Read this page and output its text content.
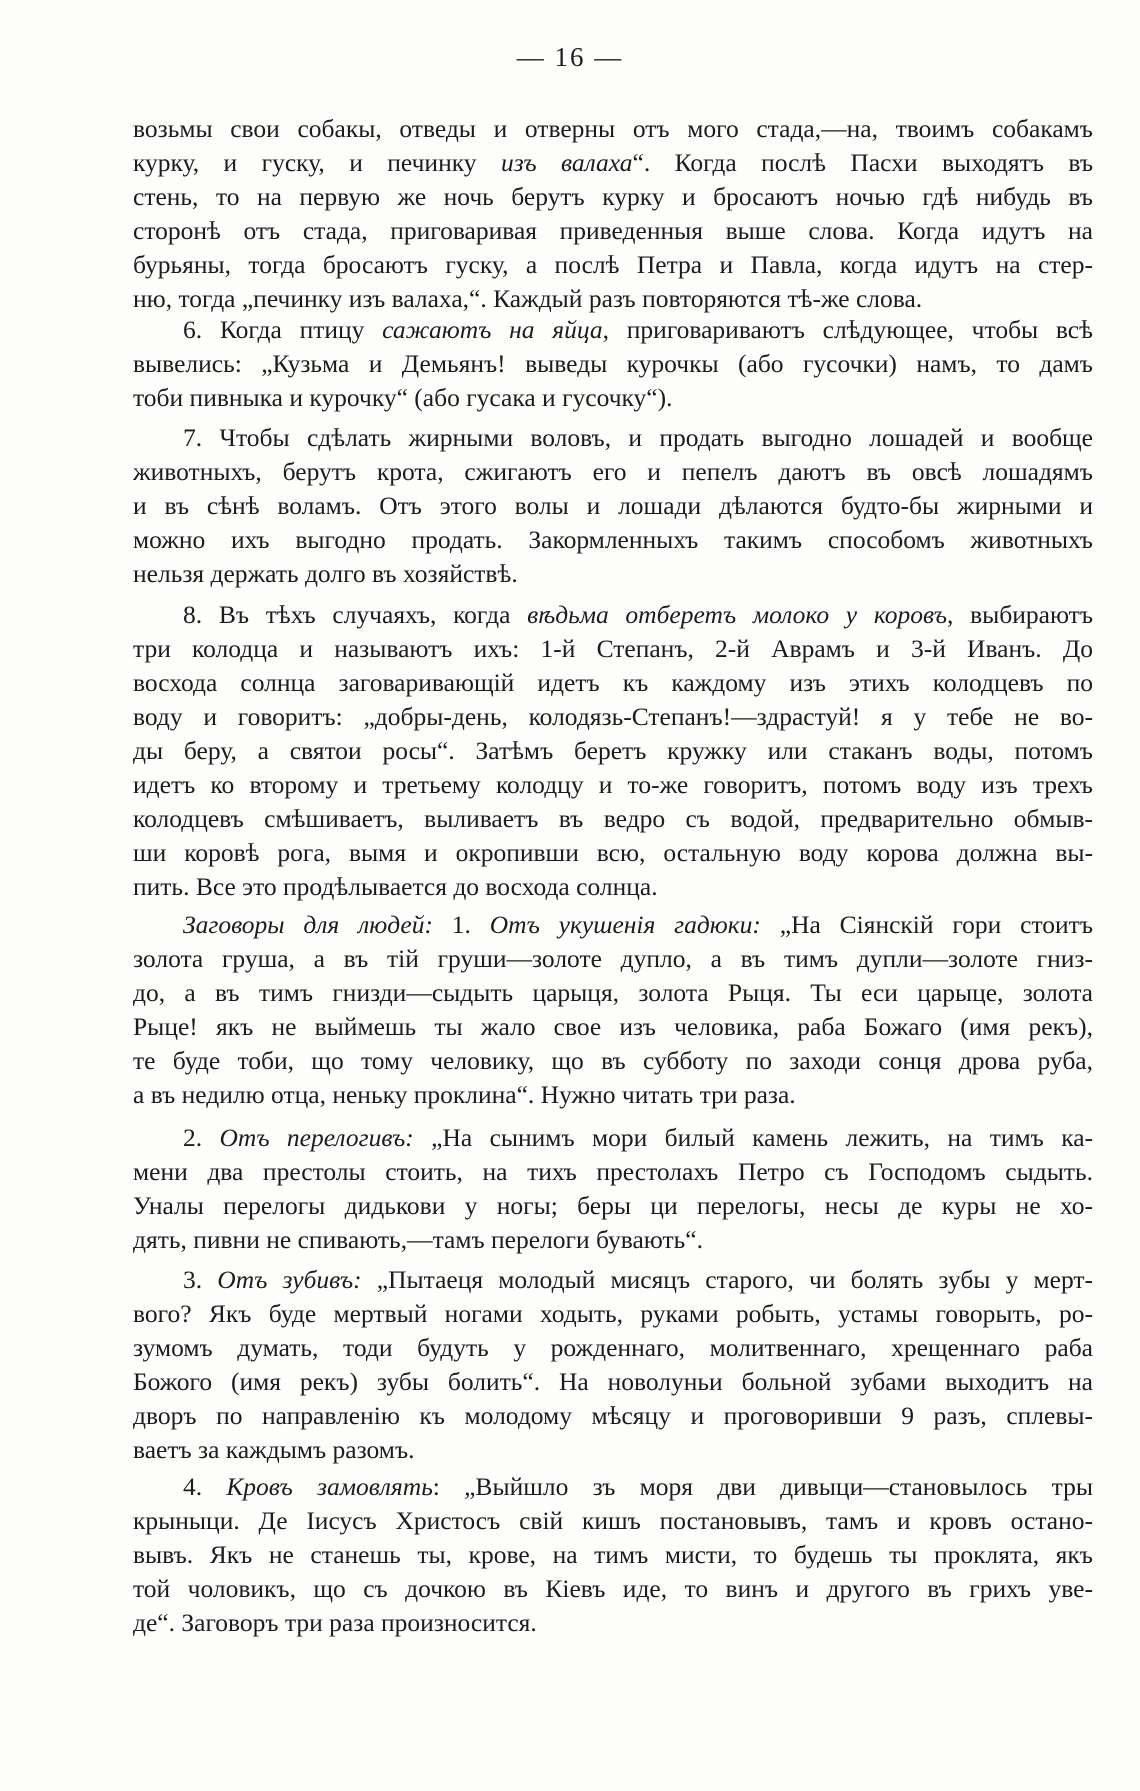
— 16 —
возьмы свои собакы, отведы и отверны отъ мого стада,—на, твоимъ собакамъ
курку, и гуску, и печинку изъ валаха“. Когда послѣ Пасхи выходятъ въ
стень, то на первую же ночь берутъ курку и бросаютъ ночью гдѣ нибудь въ
сторонѣ отъ стада, приговаривая приведенныя выше слова. Когда идутъ на
бурьяны, тогда бросаютъ гуску, а послѣ Петра и Павла, когда идутъ на стер-
ню, тогда „печинку изъ валаха,“. Каждый разъ повторяются тѣ-же слова.
6. Когда птицу сажаютъ на яйца, приговариваютъ слѣдующее, чтобы всѣ
вывелись: „Кузьма и Демьянъ! выведы курочкы (або гусочки) намъ, то дамъ
тоби пивныка и курочку“ (або гусака и гусочку“).
7. Чтобы сдѣлать жирными воловъ, и продать выгодно лошадей и вообще
животныхъ, берутъ крота, сжигаютъ его и пепелъ даютъ въ овсѣ лошадямъ
и въ сѣнѣ воламъ. Отъ этого волы и лошади дѣлаются будто-бы жирными и
можно ихъ выгодно продать. Закормленныхъ такимъ способомъ животныхъ
нельзя держать долго въ хозяйствѣ.
8. Въ тѣхъ случаяхъ, когда вѣдьма отберетъ молоко у коровъ, выбираютъ
три колодца и называютъ ихъ: 1-й Степанъ, 2-й Аврамъ и 3-й Иванъ. До
восхода солнца заговаривающій идетъ къ каждому изъ этихъ колодцевъ по
воду и говоритъ: „добры-день, колодязь-Степанъ!—здрастуй! я у тебе не во-
ды беру, а святои росы“. Затѣмъ беретъ кружку или стаканъ воды, потомъ
идетъ ко второму и третьему колодцу и то-же говоритъ, потомъ воду изъ трехъ
колодцевъ смѣшиваетъ, выливаетъ въ ведро съ водой, предварительно обмыв-
ши коровѣ рога, вымя и окропивши всю, остальную воду корова должна вы-
пить. Все это продѣлывается до восхода солнца.
Заговоры для людей: 1. Отъ укушенія гадюки: „На Сіянскій гори стоитъ
золота груша, а въ тій груши—золоте дупло, а въ тимъ дупли—золоте гниз-
до, а въ тимъ гнизди—сыдыть царыця, золота Рыця. Ты еси царыце, золота
Рыце! якъ не выймешь ты жало свое изъ человика, раба Божаго (имя рекъ),
те буде тоби, що тому человику, що въ субботу по заходи сонця дрова руба,
а въ недилю отца, неньку проклина“. Нужно читать три раза.
2. Отъ перелогивъ: „На сынимъ мори билый камень лежить, на тимъ ка-
мени два престолы стоить, на тихъ престолахъ Петро съ Господомъ сыдыть.
Уналы перелогы дидькови у ногы; беры ци перелогы, несы де куры не хо-
дять, пивни не спивають,—тамъ перелоги бувають“.
3. Отъ зубивъ: „Пытаеця молодый мисяцъ старого, чи болять зубы у мерт-
вого? Якъ буде мертвый ногами ходыть, руками робыть, устамы говорыть, ро-
зумомъ думать, тоди будуть у рожденнаго, молитвеннаго, хрещеннаго раба
Божого (имя рекъ) зубы болить“. На новолуньи больной зубами выходитъ на
дворъ по направленію къ молодому мѣсяцу и проговоривши 9 разъ, сплевы-
ваетъ за каждымъ разомъ.
4. Кровъ замовлять: „Выйшло зъ моря дви дивыци—становылось тры
крыныци. Де Іисусъ Христосъ свій кишъ постановывъ, тамъ и кровъ остано-
вывъ. Якъ не станешь ты, крове, на тимъ мисти, то будешь ты проклята, якъ
той чоловикъ, що съ дочкою въ Кіевъ иде, то винъ и другого въ грихъ уве-
де“. Заговоръ три раза произносится.
